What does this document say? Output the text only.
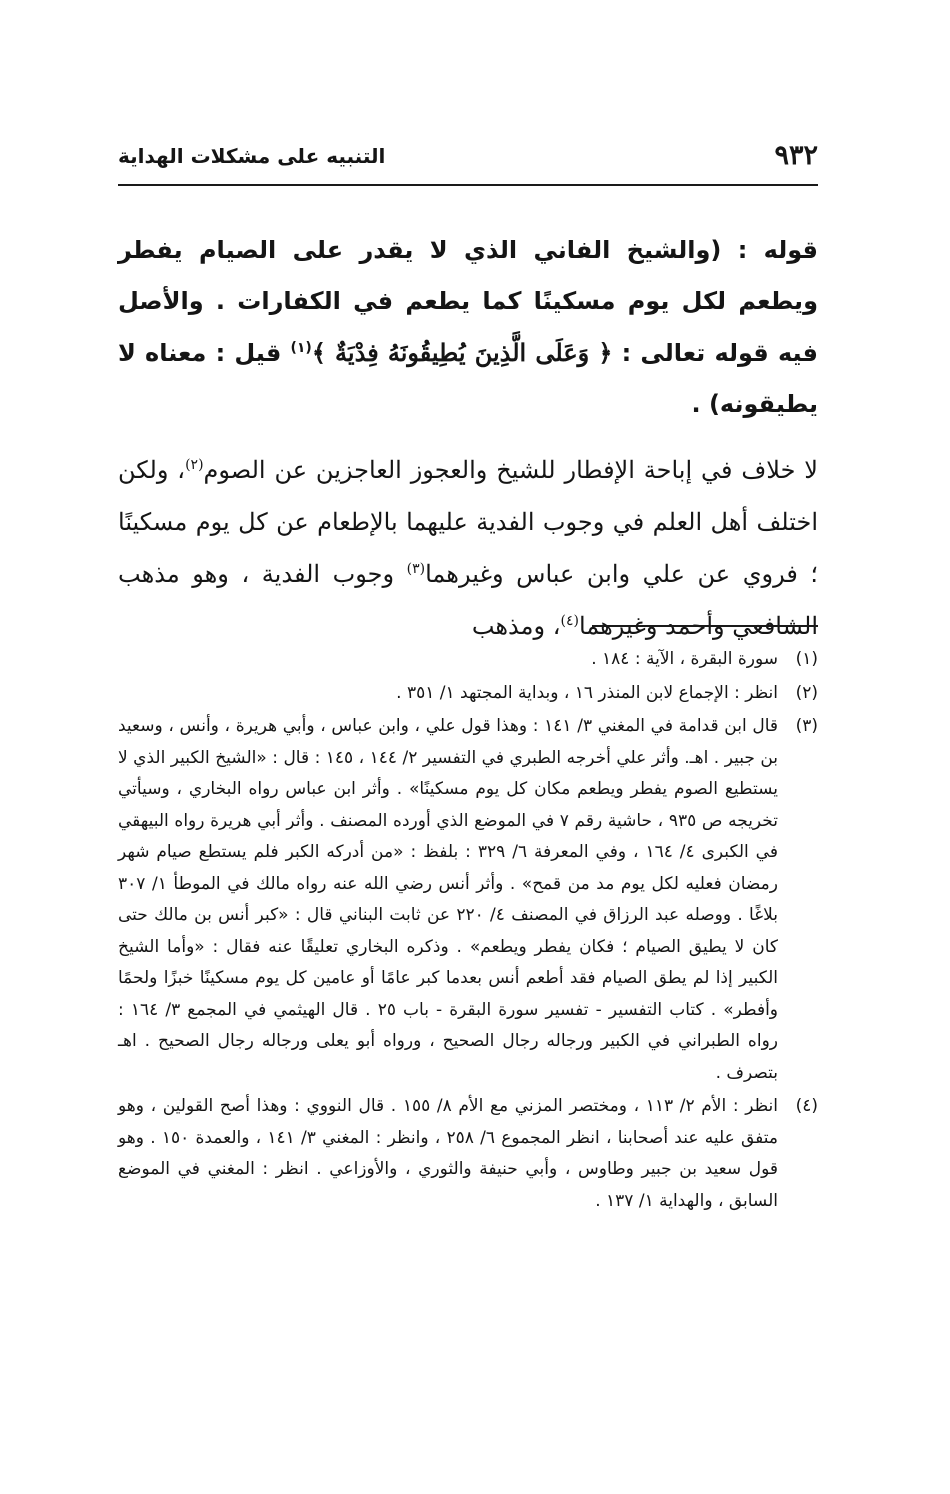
٩٣٢
التنبيه على مشكلات الهداية

قوله : (والشيخ الفاني الذي لا يقدر على الصيام يفطر ويطعم لكل يوم مسكينًا كما يطعم في الكفارات . والأصل فيه قوله تعالى : ﴿ وَعَلَى الَّذِينَ يُطِيقُونَهُ فِدْيَةٌ ﴾$^{(١)}$ قيل : معناه لا يطيقونه) .

لا خلاف في إباحة الإفطار للشيخ والعجوز العاجزين عن الصوم$^{(٢)}$، ولكن اختلف أهل العلم في وجوب الفدية عليهما بالإطعام عن كل يوم مسكينًا ؛ فروي عن علي وابن عباس وغيرهما$^{(٣)}$ وجوب الفدية ، وهو مذهب الشافعي وأحمد وغيرهما$^{(٤)}$، ومذهب

(١)
سورة البقرة ، الآية : ١٨٤ .
(٢)
انظر : الإجماع لابن المنذر ١٦ ، وبداية المجتهد ١/ ٣٥١ .
(٣)
قال ابن قدامة في المغني ٣/ ١٤١ : وهذا قول علي ، وابن عباس ، وأبي هريرة ، وأنس ، وسعيد بن جبير . اهـ. وأثر علي أخرجه الطبري في التفسير ٢/ ١٤٤ ، ١٤٥ : قال : «الشيخ الكبير الذي لا يستطيع الصوم يفطر ويطعم مكان كل يوم مسكينًا» . وأثر ابن عباس رواه البخاري ، وسيأتي تخريجه ص ٩٣٥ ، حاشية رقم ٧ في الموضع الذي أورده المصنف . وأثر أبي هريرة رواه البيهقي في الكبرى ٤/ ١٦٤ ، وفي المعرفة ٦/ ٣٢٩ : بلفظ : «من أدركه الكبر فلم يستطع صيام شهر رمضان فعليه لكل يوم مد من قمح» . وأثر أنس رضي الله عنه رواه مالك في الموطأ ١/ ٣٠٧ بلاغًا . ووصله عبد الرزاق في المصنف ٤/ ٢٢٠ عن ثابت البناني قال : «كبر أنس بن مالك حتى كان لا يطيق الصيام ؛ فكان يفطر ويطعم» . وذكره البخاري تعليقًا عنه فقال : «وأما الشيخ الكبير إذا لم يطق الصيام فقد أطعم أنس بعدما كبر عامًا أو عامين كل يوم مسكينًا خبزًا ولحمًا وأفطر» . كتاب التفسير - تفسير سورة البقرة - باب ٢٥ . قال الهيثمي في المجمع ٣/ ١٦٤ : رواه الطبراني في الكبير ورجاله رجال الصحيح ، ورواه أبو يعلى ورجاله رجال الصحيح . اهـ بتصرف .
(٤)
انظر : الأم ٢/ ١١٣ ، ومختصر المزني مع الأم ٨/ ١٥٥ . قال النووي : وهذا أصح القولين ، وهو متفق عليه عند أصحابنا ، انظر المجموع ٦/ ٢٥٨ ، وانظر : المغني ٣/ ١٤١ ، والعمدة ١٥٠ . وهو قول سعيد بن جبير وطاوس ، وأبي حنيفة والثوري ، والأوزاعي . انظر : المغني في الموضع السابق ، والهداية ١/ ١٣٧ .
